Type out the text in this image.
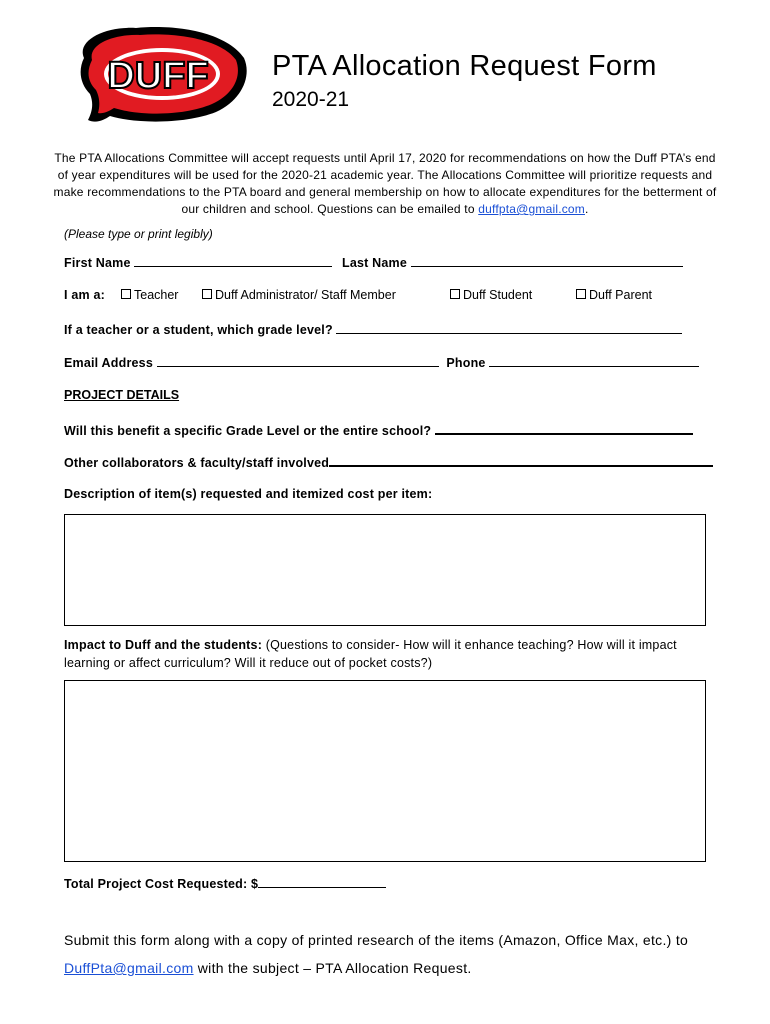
DUFF PTA Allocation Request Form
2020-21
The PTA Allocations Committee will accept requests until April 17, 2020 for recommendations on how the Duff PTA’s end of year expenditures will be used for the 2020-21 academic year. The Allocations Committee will prioritize requests and make recommendations to the PTA board and general membership on how to allocate expenditures for the betterment of our children and school. Questions can be emailed to duffpta@gmail.com.
(Please type or print legibly)
First Name	Last Name
I am a:	Teacher	Duff Administrator/ Staff Member	Duff Student	Duff Parent
If a teacher or a student, which grade level?
Email Address	Phone
PROJECT DETAILS
Will this benefit a specific Grade Level or the entire school?
Other collaborators & faculty/staff involved
Description of item(s) requested and itemized cost per item:
Impact to Duff and the students: (Questions to consider- How will it enhance teaching? How will it impact learning or affect curriculum? Will it reduce out of pocket costs?)
Total Project Cost Requested: $
Submit this form along with a copy of printed research of the items (Amazon, Office Max, etc.) to DuffPta@gmail.com with the subject – PTA Allocation Request.
